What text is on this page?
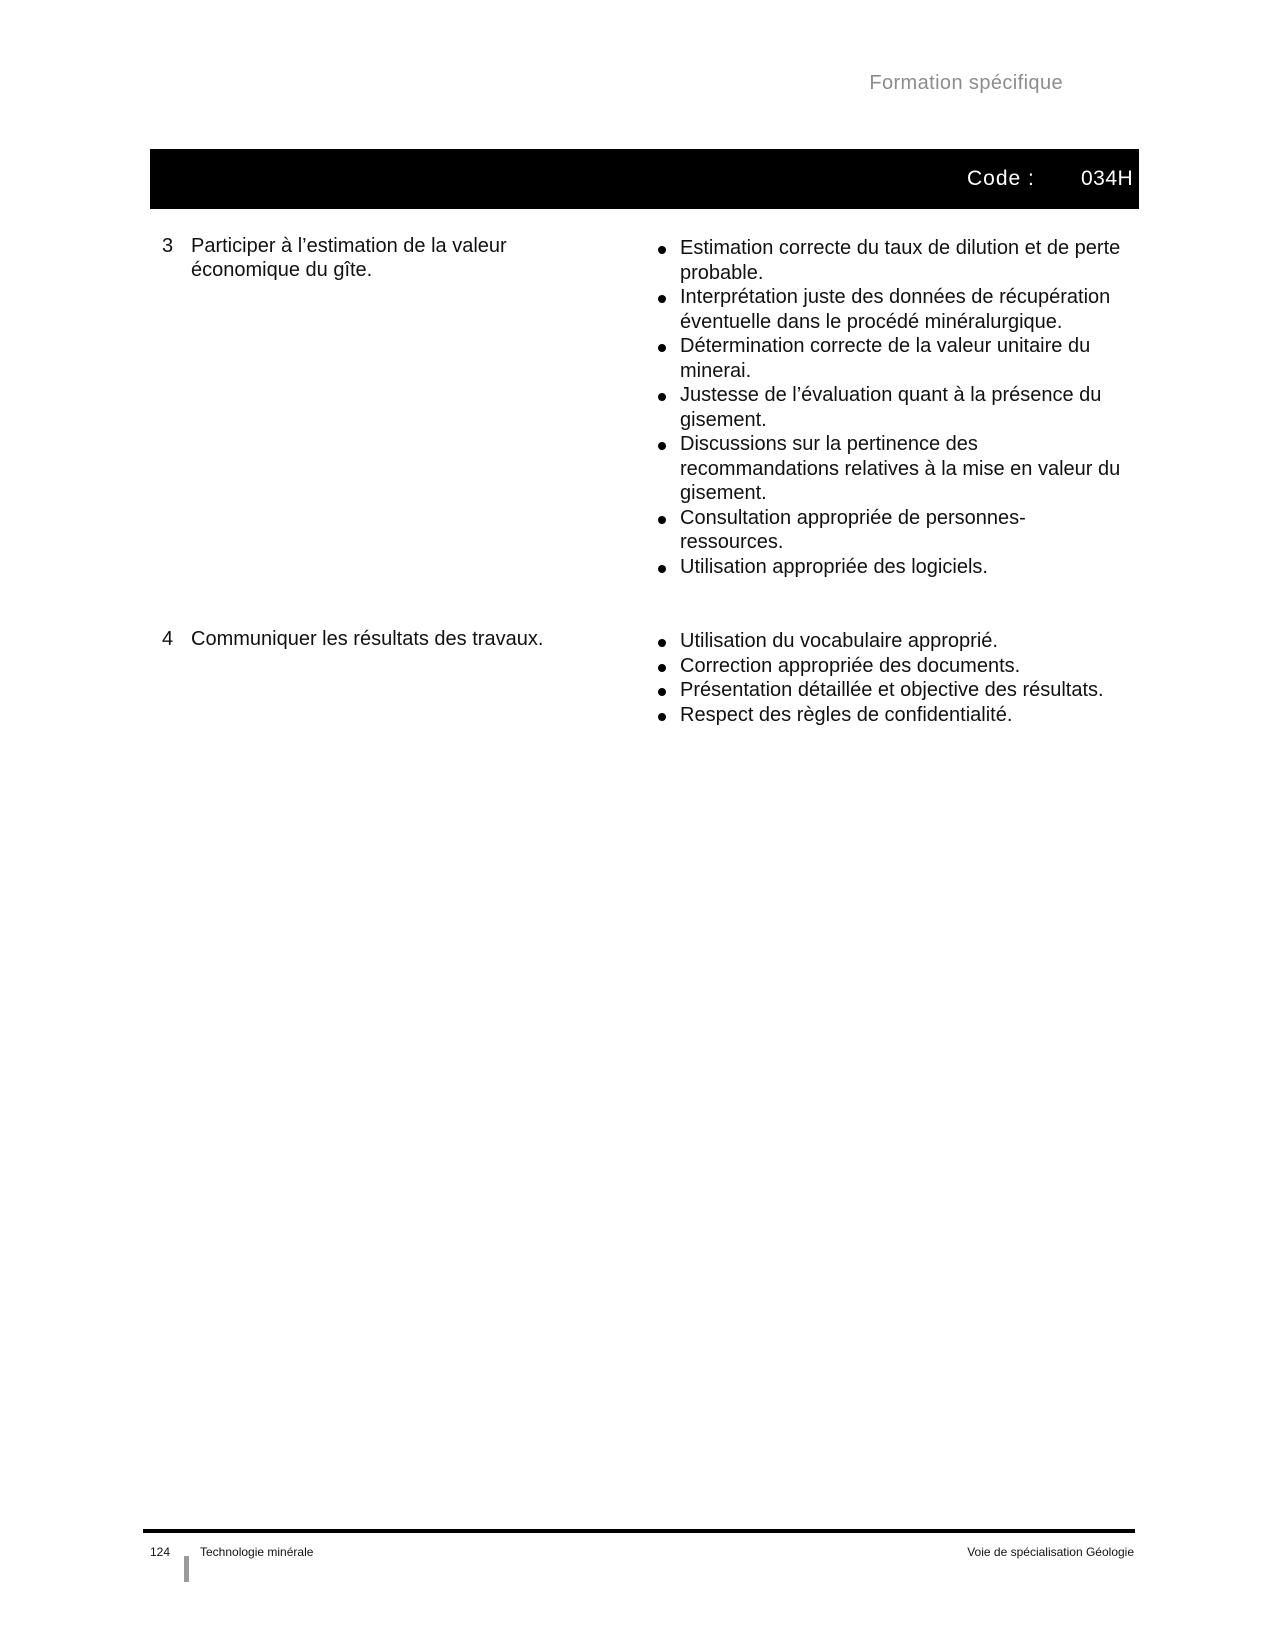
Formation spécifique
Code : 034H
3 Participer à l’estimation de la valeur économique du gîte.
Estimation correcte du taux de dilution et de perte probable.
Interprétation juste des données de récupération éventuelle dans le procédé minéralurgique.
Détermination correcte de la valeur unitaire du minerai.
Justesse de l’évaluation quant à la présence du gisement.
Discussions sur la pertinence des recommandations relatives à la mise en valeur du gisement.
Consultation appropriée de personnes-ressources.
Utilisation appropriée des logiciels.
4 Communiquer les résultats des travaux.	Utilisation du vocabulaire approprié.
Correction appropriée des documents.
Présentation détaillée et objective des résultats.
Respect des règles de confidentialité.
124 Technologie minérale	Voie de spécialisation Géologie
